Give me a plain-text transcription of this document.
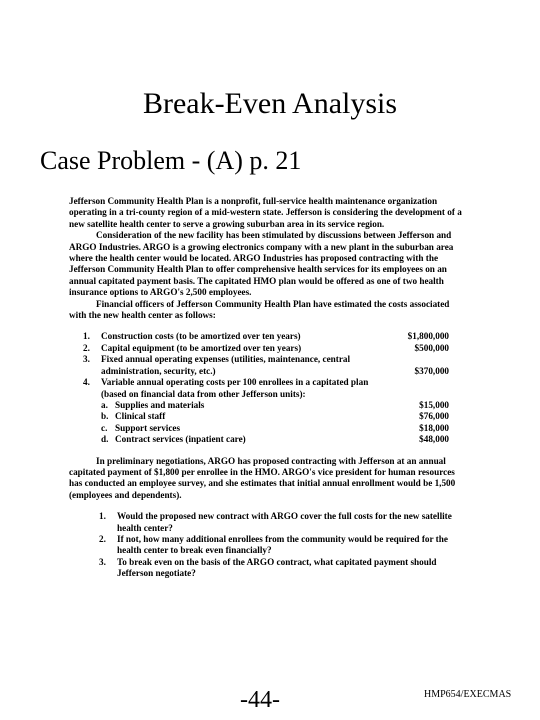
Break-Even Analysis
Case Problem - (A) p. 21

Jefferson Community Health Plan is a nonprofit, full-service health maintenance organization operating in a tri-county region of a mid-western state. Jefferson is considering the development of a new satellite health center to serve a growing suburban area in its service region.

Consideration of the new facility has been stimulated by discussions between Jefferson and ARGO Industries. ARGO is a growing electronics company with a new plant in the suburban area where the health center would be located. ARGO Industries has proposed contracting with the Jefferson Community Health Plan to offer comprehensive health services for its employees on an annual capitated payment basis. The capitated HMO plan would be offered as one of two health insurance options to ARGO's 2,500 employees.

Financial officers of Jefferson Community Health Plan have estimated the costs associated with the new health center as follows:

1.	Construction costs (to be amortized over ten years)	$1,800,000
2.	Capital equipment (to be amortized over ten years)	$500,000
3.	Fixed annual operating expenses (utilities, maintenance, central administration, security, etc.)	$370,000
4.	Variable annual operating costs per 100 enrollees in a capitated plan (based on financial data from other Jefferson units):
a. Supplies and materials	$15,000
b. Clinical staff	$76,000
c. Support services	$18,000
d. Contract services (inpatient care)	$48,000

In preliminary negotiations, ARGO has proposed contracting with Jefferson at an annual capitated payment of $1,800 per enrollee in the HMO. ARGO's vice president for human resources has conducted an employee survey, and she estimates that initial annual enrollment would be 1,500 (employees and dependents).

1.	Would the proposed new contract with ARGO cover the full costs for the new satellite health center?
2.	If not, how many additional enrollees from the community would be required for the health center to break even financially?
3.	To break even on the basis of the ARGO contract, what capitated payment should Jefferson negotiate?
-44-	HMP654/EXECMAS
